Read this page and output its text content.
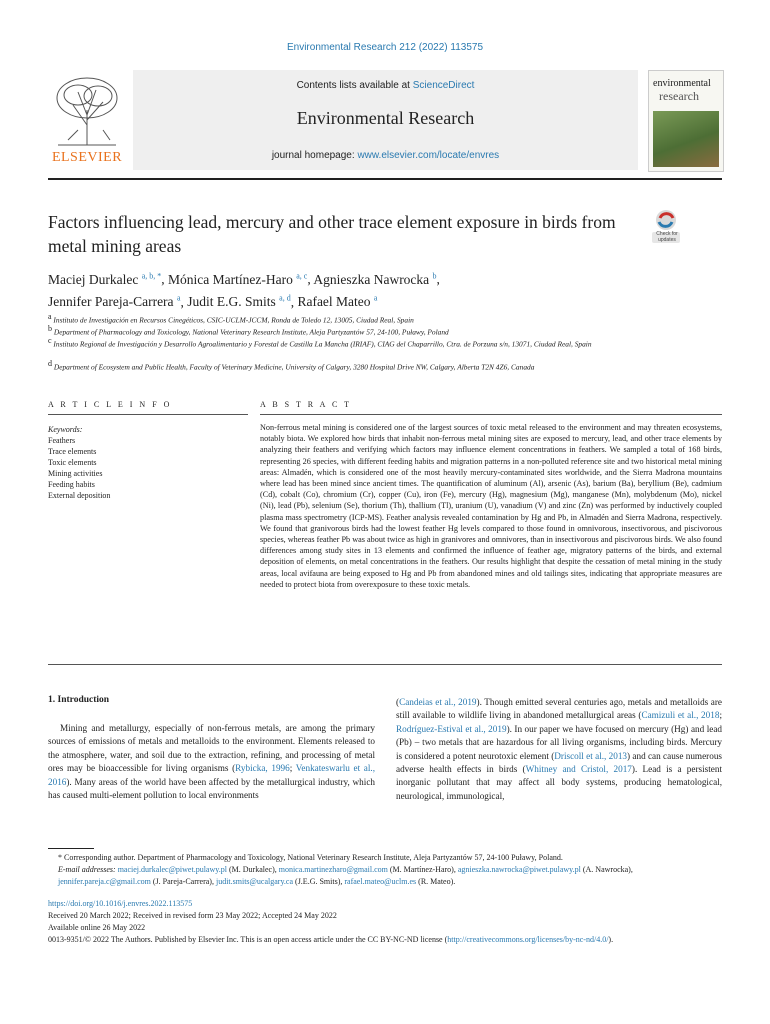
Environmental Research 212 (2022) 113575
ELSEVIER
Contents lists available at ScienceDirect
Environmental Research
journal homepage: www.elsevier.com/locate/envres
environmental
research
Factors influencing lead, mercury and other trace element exposure in birds from metal mining areas
Check for updates
Maciej Durkalec $^{a, b, *}$, Mónica Martínez-Haro $^{a, c}$, Agnieszka Nawrocka $^b$,
Jennifer Pareja-Carrera $^a$, Judit E.G. Smits $^{a, d}$, Rafael Mateo $^a$
$^a$ Instituto de Investigación en Recursos Cinegéticos, CSIC-UCLM-JCCM, Ronda de Toledo 12, 13005, Ciudad Real, Spain
$^b$ Department of Pharmacology and Toxicology, National Veterinary Research Institute, Aleja Partyzantów 57, 24-100, Puławy, Poland
$^c$ Instituto Regional de Investigación y Desarrollo Agroalimentario y Forestal de Castilla La Mancha (IRIAF), CIAG del Chaparrillo, Ctra. de Porzuna s/n, 13071, Ciudad Real, Spain
$^d$ Department of Ecosystem and Public Health, Faculty of Veterinary Medicine, University of Calgary, 3280 Hospital Drive NW, Calgary, Alberta T2N 4Z6, Canada
A R T I C L E I N F O	A B S T R A C T
Keywords:
Feathers
Trace elements
Toxic elements
Mining activities
Feeding habits
External deposition
Non-ferrous metal mining is considered one of the largest sources of toxic metal released to the environment and may threaten ecosystems, notably biota. We explored how birds that inhabit non-ferrous metal mining sites are exposed to mercury, lead, and other trace elements by analyzing their feathers and verifying which factors may influence element concentrations in feathers. We sampled a total of 168 birds, representing 26 species, with different feeding habits and migration patterns in a non-polluted reference site and two historical metal mining areas: Almadén, which is considered one of the most heavily mercury-contaminated sites worldwide, and the Sierra Madrona mountains where lead has been mined since ancient times. The quantification of aluminum (Al), arsenic (As), barium (Ba), beryllium (Be), cadmium (Cd), cobalt (Co), chromium (Cr), copper (Cu), iron (Fe), mercury (Hg), magnesium (Mg), manganese (Mn), molybdenum (Mo), nickel (Ni), lead (Pb), selenium (Se), thorium (Th), thallium (Tl), uranium (U), vanadium (V) and zinc (Zn) was performed by inductively coupled plasma mass spectrometry (ICP-MS). Feather analysis revealed contamination by Hg and Pb, in Almadén and Sierra Madrona, respectively. We found that granivorous birds had the lowest feather Hg levels compared to those found in omnivorous, insectivorous, and piscivorous species, whereas feather Pb was about twice as high in granivores and omnivores, than in insectivorous and piscivorous birds. We also found differences among study sites in 13 elements and confirmed the influence of feather age, migratory patterns of the birds, and external deposition of elements, on metal concentrations in the feathers. Our results highlight that despite the cessation of metal mining in the study areas, local avifauna are being exposed to Hg and Pb from abandoned mines and old tailings sites, indicating that appropriate measures are needed to protect biota from overexposure to these toxic metals.
1. Introduction
Mining and metallurgy, especially of non-ferrous metals, are among the primary sources of emissions of metals and metalloids to the environment. Elements released to the atmosphere, water, and soil due to the extraction, refining, and processing of metal ores may be bioaccessible for living organisms (Rybicka, 1996; Venkateswarlu et al., 2016). Many areas of the world have been affected by the metallurgical industry, which has caused multi-element pollution to local environments
(Candeias et al., 2019). Though emitted several centuries ago, metals and metalloids are still available to wildlife living in abandoned metallurgical areas (Camizuli et al., 2018; Rodríguez-Estival et al., 2019). In our paper we have focused on mercury (Hg) and lead (Pb) – two metals that are hazardous for all living organisms, including birds. Mercury is considered a potent neurotoxic element (Driscoll et al., 2013) and can cause numerous adverse health effects in birds (Whitney and Cristol, 2017). Lead is a persistent inorganic pollutant that may affect all body systems, producing hematological, neurological, immunological,
* Corresponding author. Department of Pharmacology and Toxicology, National Veterinary Research Institute, Aleja Partyzantów 57, 24-100 Puławy, Poland.
E-mail addresses: maciej.durkalec@piwet.pulawy.pl (M. Durkalec), monica.martinezharo@gmail.com (M. Martínez-Haro), agnieszka.nawrocka@piwet.pulawy.pl (A. Nawrocka), jennifer.pareja.c@gmail.com (J. Pareja-Carrera), judit.smits@ucalgary.ca (J.E.G. Smits), rafael.mateo@uclm.es (R. Mateo).
https://doi.org/10.1016/j.envres.2022.113575
Received 20 March 2022; Received in revised form 23 May 2022; Accepted 24 May 2022
Available online 26 May 2022
0013-9351/© 2022 The Authors. Published by Elsevier Inc. This is an open access article under the CC BY-NC-ND license (http://creativecommons.org/licenses/by-nc-nd/4.0/).
